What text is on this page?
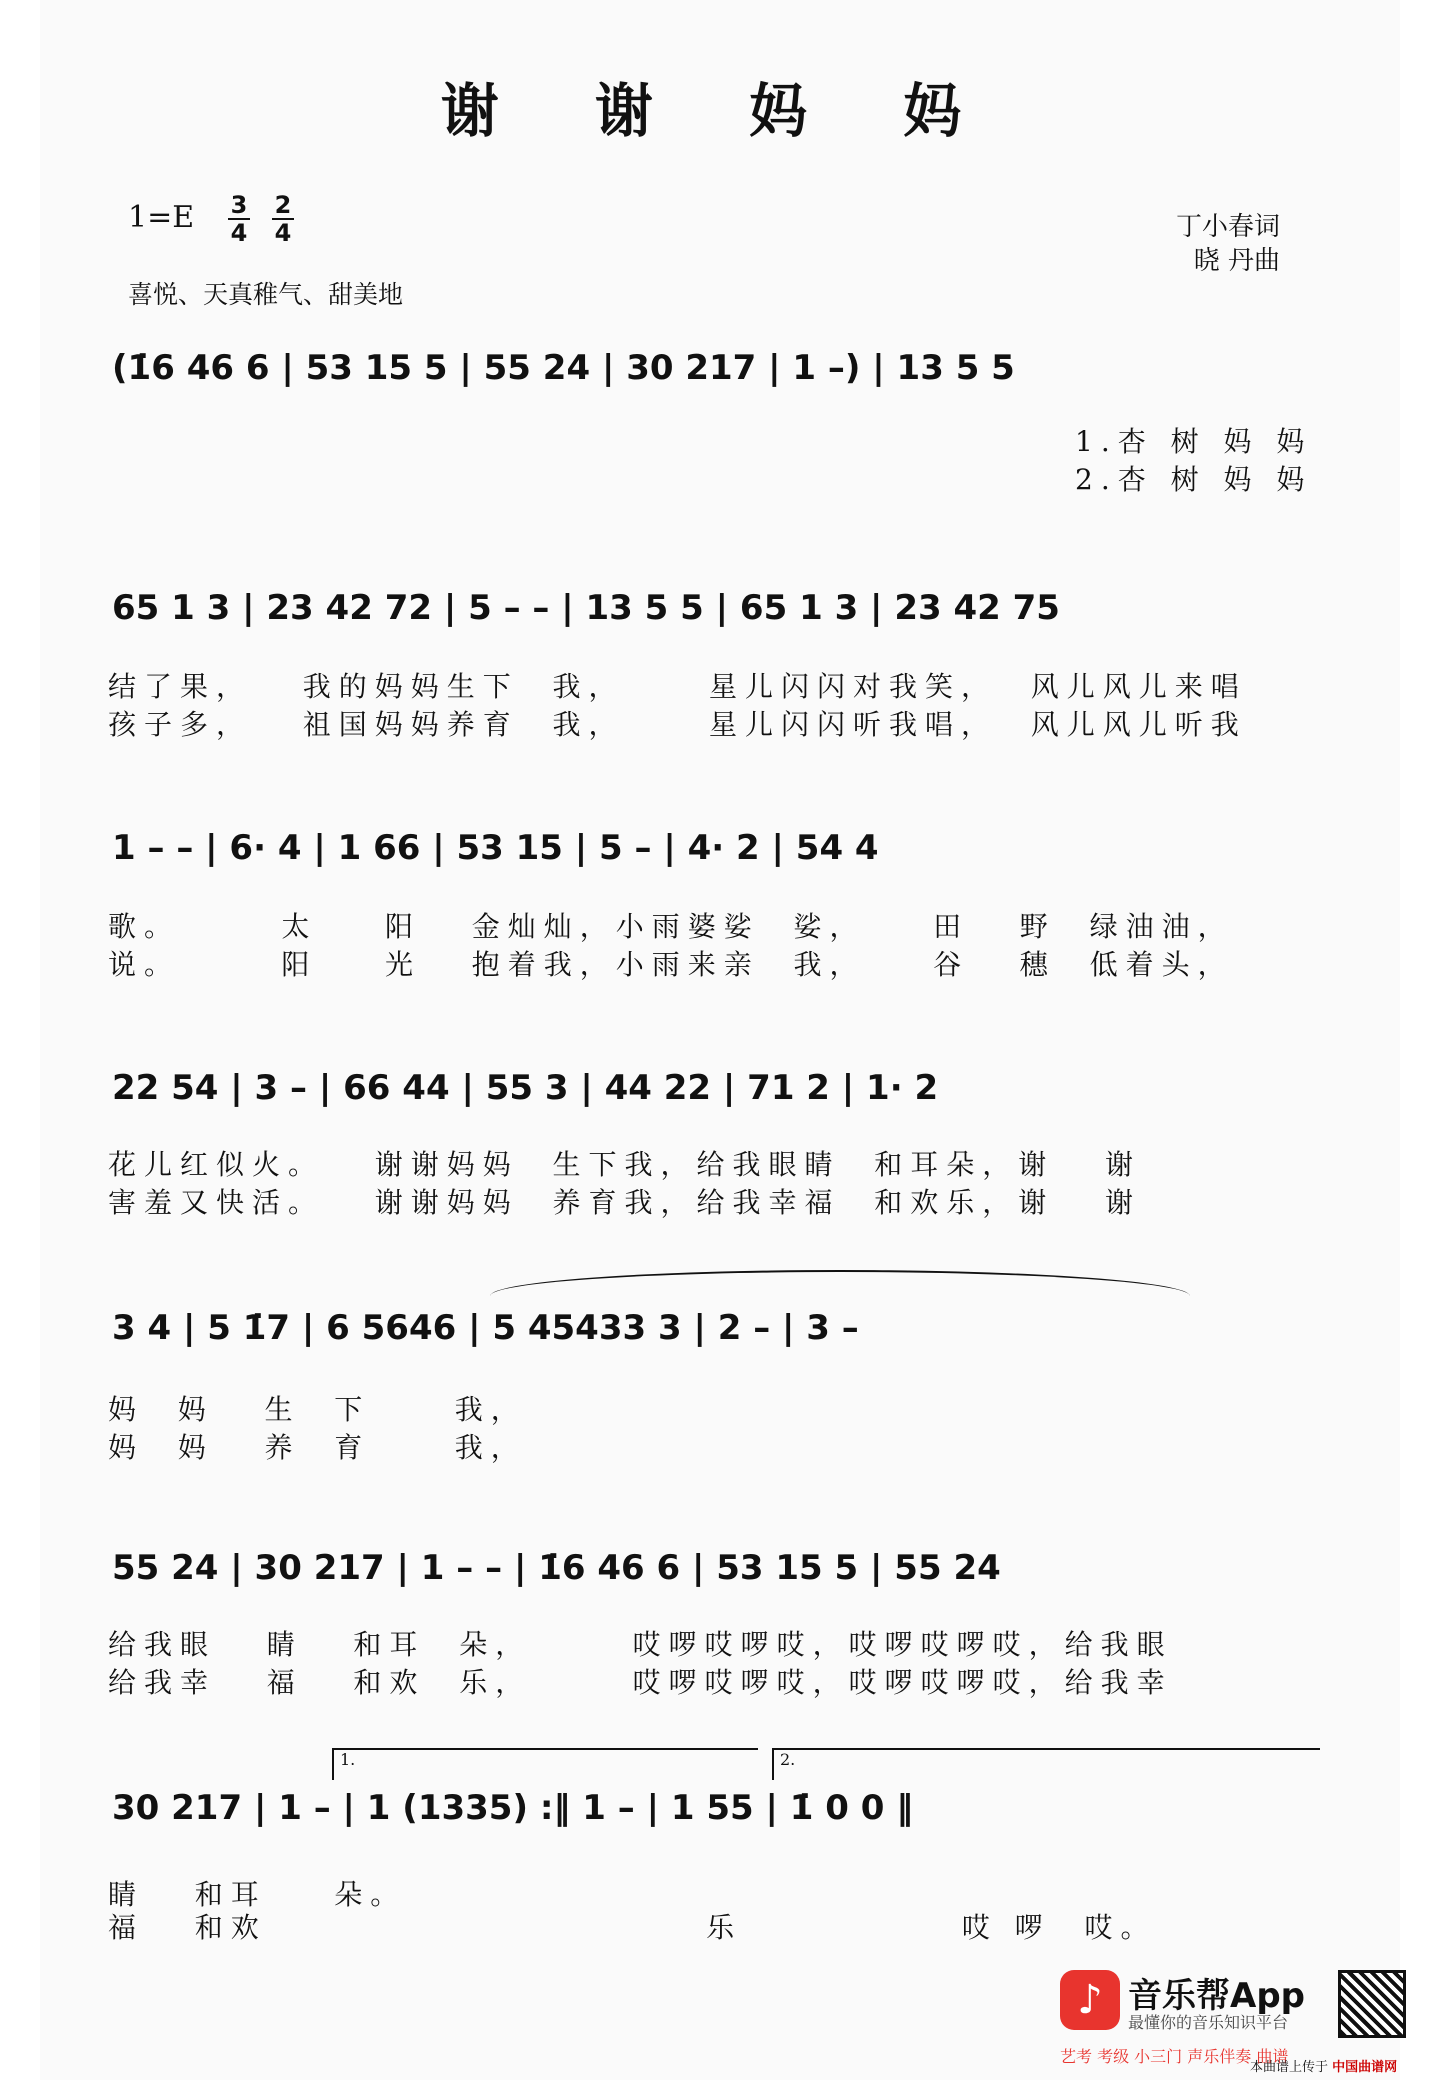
谢 谢 妈 妈
1=E 3
4
2
4	丁小春词
晓 丹曲
喜悦、天真稚气、甜美地
(1̇6 46 6 | 53 15 5 | 55 24 | 30 217 | 1 –) | 13 5 5
1.杏 树 妈 妈
2.杏 树 妈 妈
65 1 3 | 23 42 72 | 5 – – | 13 5 5 | 65 1 3 | 23 42 75
结了果，   我的妈妈生下  我，     星儿闪闪对我笑，  风儿风儿来唱
孩子多，   祖国妈妈养育  我，     星儿闪闪听我唱，  风儿风儿听我
1 – – | 6· 4 | 1 66 | 53 15 | 5 – | 4· 2 | 54 4
歌。      太    阳   金灿灿，小雨婆娑  娑，    田   野  绿油油，
说。      阳    光   抱着我，小雨来亲  我，    谷   穗  低着头，
22 54 | 3 – | 66 44 | 55 3 | 44 22 | 71 2 | 1· 2
花儿红似火。   谢谢妈妈  生下我，给我眼睛  和耳朵，谢   谢
害羞又快活。   谢谢妈妈  养育我，给我幸福  和欢乐，谢   谢
3 4 | 5 1̇7 | 6 5646 | 5 45433 3 | 2 – | 3 –
妈  妈   生  下     我，
妈  妈   养  育     我，
55 24 | 30 217 | 1 – – | 1̇6 46 6 | 53 15 5 | 55 24
给我眼   睛   和耳  朵，      哎啰哎啰哎，哎啰哎啰哎，给我眼
给我幸   福   和欢  乐，      哎啰哎啰哎，哎啰哎啰哎，给我幸
1.	2.
30 217 | 1 – | 1 (1335) :‖ 1 – | 1 55 | 1̇ 0 0 ‖
睛   和耳    朵。
福   和欢                          乐             哎 啰  哎。
♪ 音乐帮App
最懂你的音乐知识平台
艺考 考级 小三门 声乐伴奏 曲谱
本曲谱上传于 中国曲谱网
